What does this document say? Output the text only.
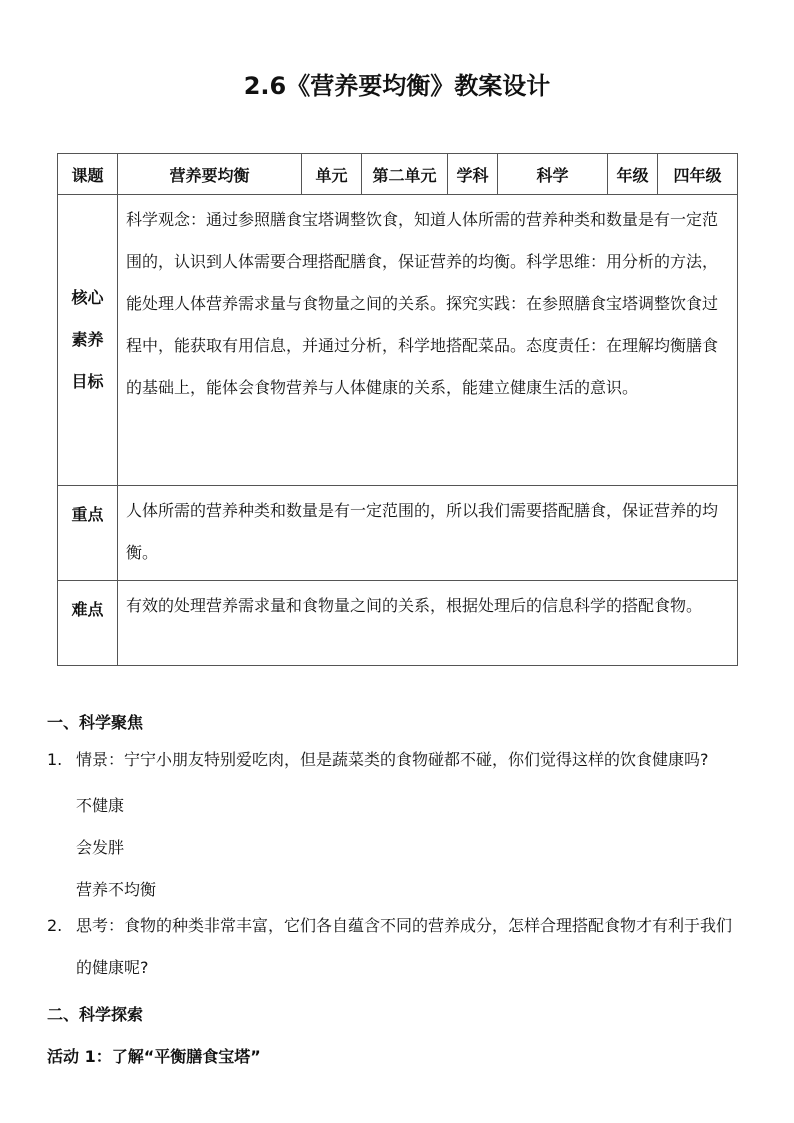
2.6《营养要均衡》教案设计
课题	营养要均衡	单元	第二单元	学科	科学	年级	四年级

核心
素养
目标	科学观念：通过参照膳食宝塔调整饮食，知道人体所需的营养种类和数量是有一定范围的，认识到人体需要合理搭配膳食，保证营养的均衡。科学思维：用分析的方法，能处理人体营养需求量与食物量之间的关系。探究实践：在参照膳食宝塔调整饮食过程中，能获取有用信息，并通过分析，科学地搭配菜品。态度责任：在理解均衡膳食的基础上，能体会食物营养与人体健康的关系，能建立健康生活的意识。						
重点	人体所需的营养种类和数量是有一定范围的，所以我们需要搭配膳食，保证营养的均衡。						
难点	有效的处理营养需求量和食物量之间的关系，根据处理后的信息科学的搭配食物。						
一、科学聚焦
1. 情景：宁宁小朋友特别爱吃肉，但是蔬菜类的食物碰都不碰，你们觉得这样的饮食健康吗?
不健康
会发胖
营养不均衡
2. 思考：食物的种类非常丰富，它们各自蕴含不同的营养成分，怎样合理搭配食物才有利于我们的健康呢?
二、科学探索
活动 1：了解“平衡膳食宝塔”
